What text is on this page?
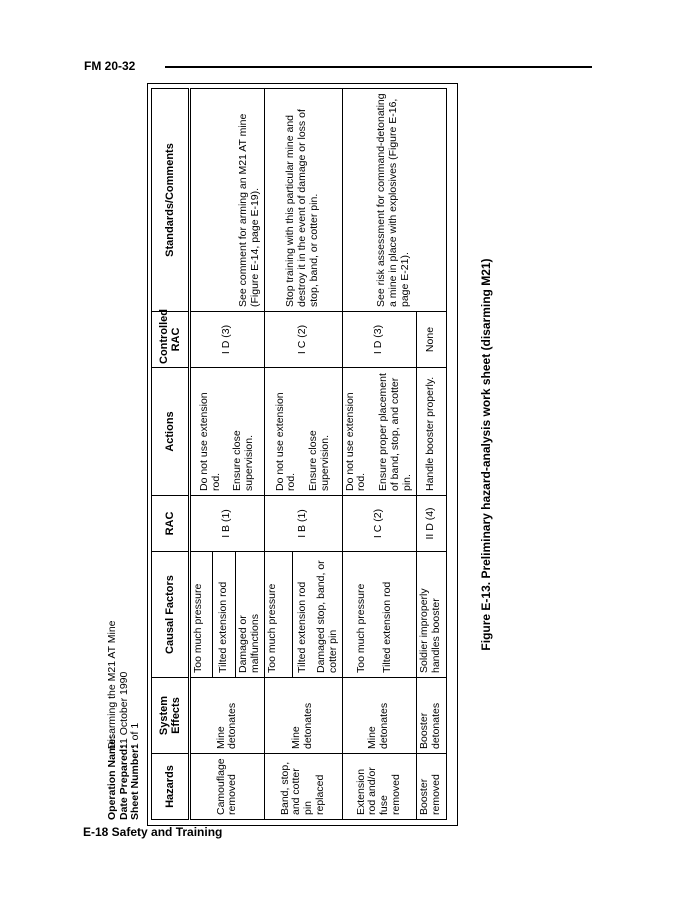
FM 20-32
Operation Name: Disarming the M21 AT Mine
Date Prepared: 11 October 1990
Sheet Number: 1 of 1
Hazards	System Effects	Causal Factors	RAC	Actions	Controlled RAC	Standards/Comments
Camouflage removed	Mine detonates	Too much pressure	I B (1)	Do not use extension rod. Ensure close supervision.	I D (3)	See comment for arming an M21 AT mine (Figure E-14, page E-19).
		Tilted extension rod				
		Damaged or malfunctions				
Band, stop, and cotter pin replaced	Mine detonates	Too much pressure	I B (1)	Do not use extension rod. Ensure close supervision.	I C (2)	Stop training with this particular mine and destroy it in the event of damage or loss of stop, band, or cotter pin.
		Tilted extension rod				
		Damaged stop, band, or cotter pin				
Extension rod and/or fuse removed	Mine detonates	Too much pressure	I C (2)	Do not use extension rod. Ensure proper placement of band, stop, and cotter pin.	I D (3)	See risk assessment for command-detonating a mine in place with explosives (Figure E-16, page E-21).
		Tilted extension rod				
Booster removed	Booster detonates	Soldier improperly handles booster	II D (4)	Handle booster properly.	None		Figure E-13. Preliminary hazard-analysis work sheet (disarming M21)
E-18 Safety and Training
